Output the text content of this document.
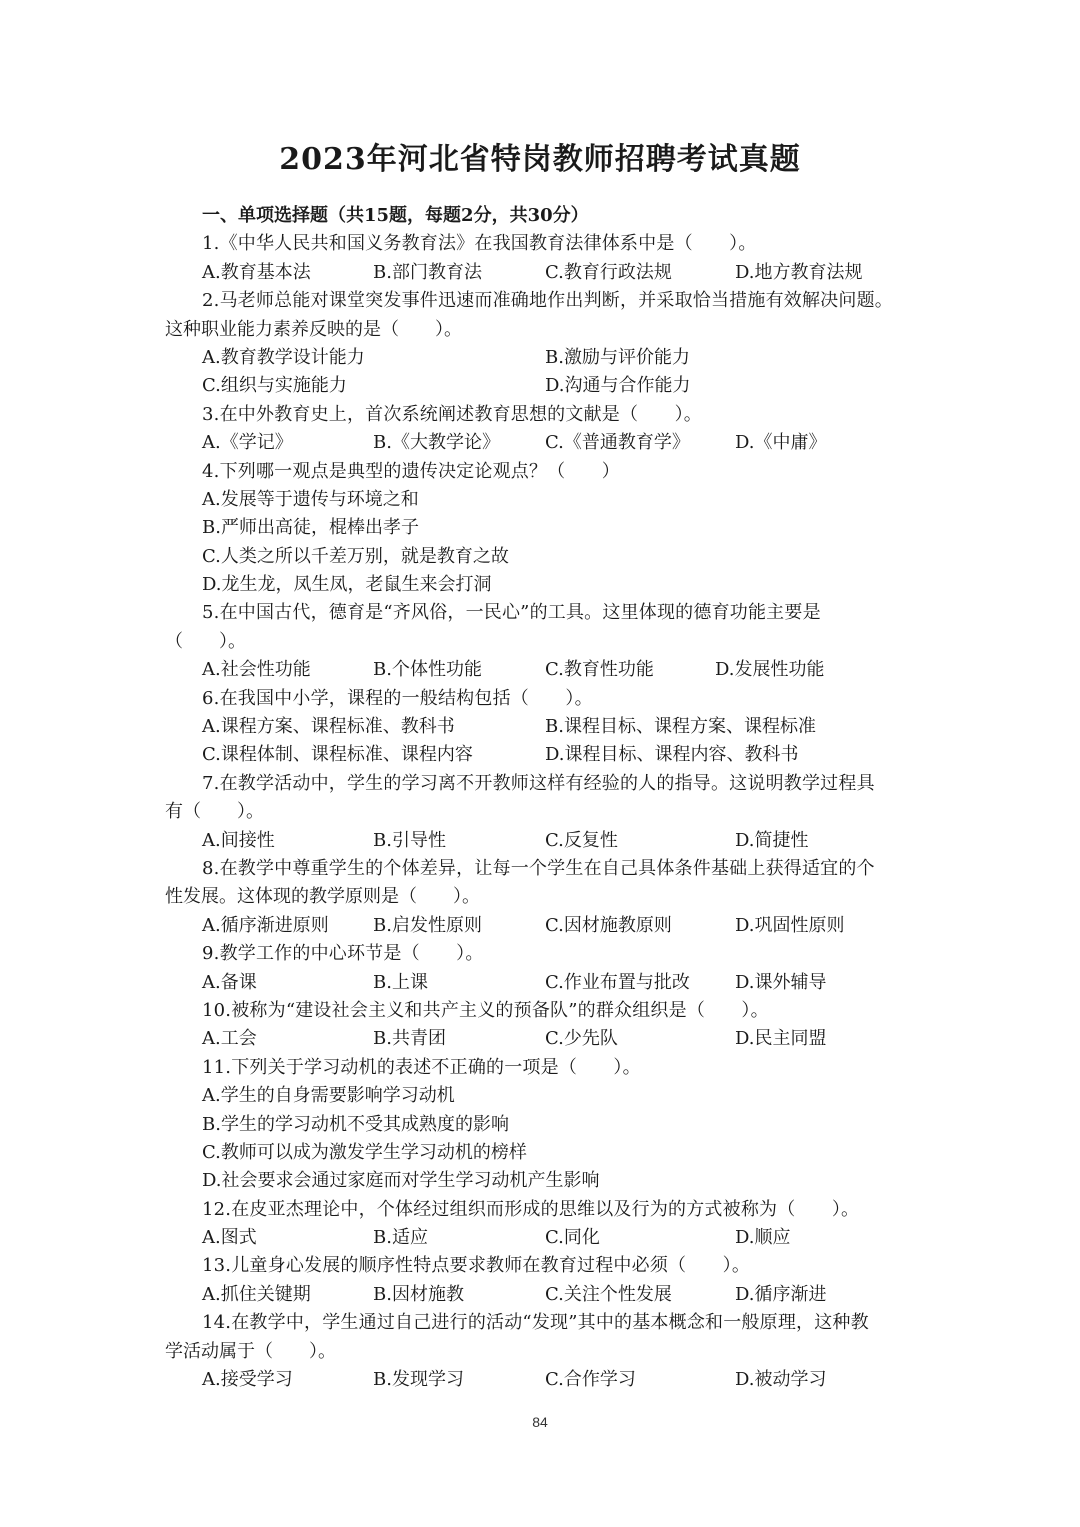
2023年河北省特岗教师招聘考试真题
一、单项选择题（共15题，每题2分，共30分）
1.《中华人民共和国义务教育法》在我国教育法律体系中是（　　）。
A.教育基本法	B.部门教育法	C.教育行政法规	D.地方教育法规
2.马老师总能对课堂突发事件迅速而准确地作出判断，并采取恰当措施有效解决问题。
这种职业能力素养反映的是（　　）。
A.教育教学设计能力	B.激励与评价能力
C.组织与实施能力	D.沟通与合作能力
3.在中外教育史上，首次系统阐述教育思想的文献是（　　）。
A.《学记》	B.《大教学论》	C.《普通教育学》	D.《中庸》
4.下列哪一观点是典型的遗传决定论观点？（　　）
A.发展等于遗传与环境之和
B.严师出高徒，棍棒出孝子
C.人类之所以千差万别，就是教育之故
D.龙生龙，凤生凤，老鼠生来会打洞
5.在中国古代，德育是“齐风俗，一民心”的工具。这里体现的德育功能主要是
（　　）。
A.社会性功能	B.个体性功能	C.教育性功能	D.发展性功能
6.在我国中小学，课程的一般结构包括（　　）。
A.课程方案、课程标准、教科书	B.课程目标、课程方案、课程标准
C.课程体制、课程标准、课程内容	D.课程目标、课程内容、教科书
7.在教学活动中，学生的学习离不开教师这样有经验的人的指导。这说明教学过程具
有（　　）。
A.间接性	B.引导性	C.反复性	D.简捷性
8.在教学中尊重学生的个体差异，让每一个学生在自己具体条件基础上获得适宜的个
性发展。这体现的教学原则是（　　）。
A.循序渐进原则 B.启发性原则	C.因材施教原则	D.巩固性原则
9.教学工作的中心环节是（　　）。
A.备课	B.上课	C.作业布置与批改	D.课外辅导
10.被称为“建设社会主义和共产主义的预备队”的群众组织是（　　）。
A.工会	B.共青团	C.少先队	D.民主同盟
11.下列关于学习动机的表述不正确的一项是（　　）。
A.学生的自身需要影响学习动机
B.学生的学习动机不受其成熟度的影响
C.教师可以成为激发学生学习动机的榜样
D.社会要求会通过家庭而对学生学习动机产生影响
12.在皮亚杰理论中，个体经过组织而形成的思维以及行为的方式被称为（　　）。
A.图式	B.适应	C.同化	D.顺应
13.儿童身心发展的顺序性特点要求教师在教育过程中必须（　　）。
A.抓住关键期	B.因材施教	C.关注个性发展	D.循序渐进
14.在教学中，学生通过自己进行的活动“发现”其中的基本概念和一般原理，这种教
学活动属于（　　）。
A.接受学习	B.发现学习	C.合作学习	D.被动学习
84
